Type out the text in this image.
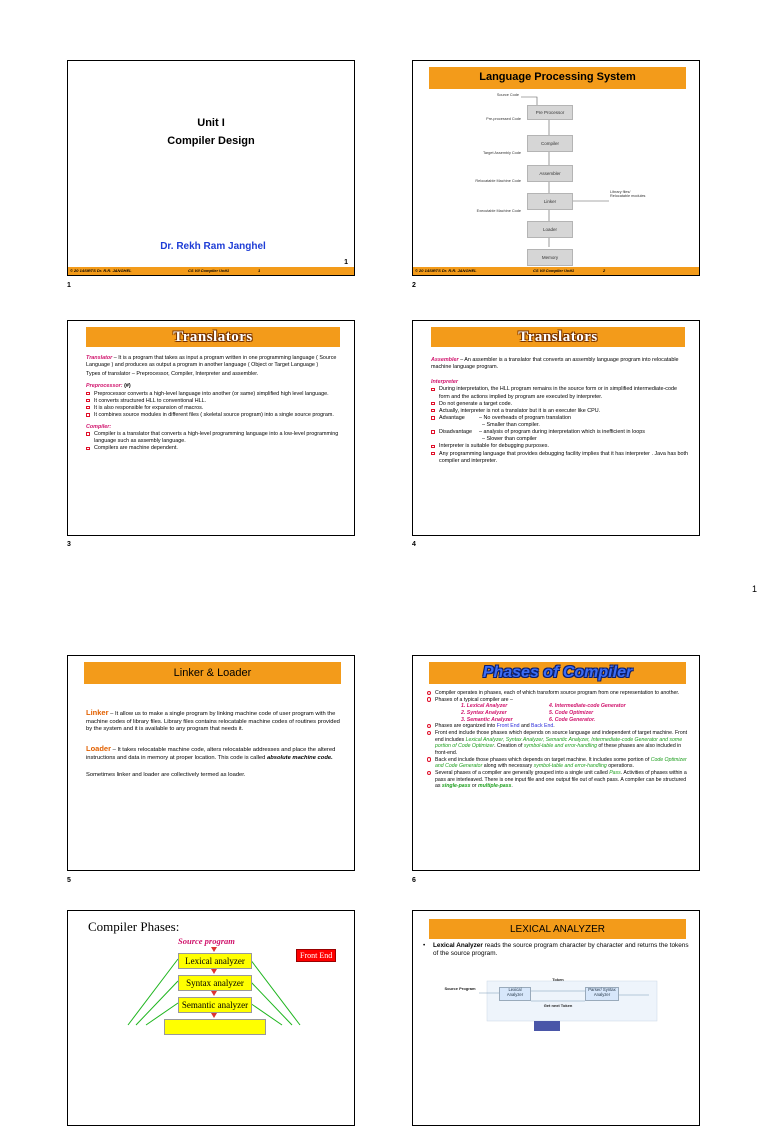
1
Unit I
Compiler Design
Dr. Rekh Ram Janghel
1
© 20 14SIRTS Dr. R.R. JANGHEL	CS VII Compiler Unit1	1
1
Language Processing System
Pre Processor
Compiler
Assembler
Linker
Loader
Memory
Source Code
Pre-processed Code
Target Assembly Code
Relocatable Machine Code
Executable Machine Code
Library files/ Relocatable modules
© 20 14SIRTS Dr. R.R. JANGHEL	CS VII Compiler Unit1	2
2
Translators

Translator – It is a program that takes as input a program written in one programming language ( Source Language ) and produces as output a program in another language ( Object or Target Language )

Types of translator – Preprocessor, Compiler, Interpreter and assembler.

Preprocessor: (#)
Preprocessor converts a high-level language into another (or same) simplified high level language.
It converts structured HLL to conventional HLL.
It is also responsible for expansion of macros.
It combines source modules in different files ( skeletal source program) into a single source program.
Compiler:
Compiler is a translator that converts a high-level programming language into a low-level programming language such as assembly language.
Compilers are machine dependent.
3
Translators

Assembler – An assembler is a translator that converts an assembly language program into relocatable machine language program.

Interpreter
During interpretation, the HLL program remains in the source form or in simplified intermediate-code form and the actions implied by program are executed by interpreter.
Do not generate a target code.
Actually, interpreter is not a translator but it is an executer like CPU.
Advantage	– No overheads of program translation
– Smaller than compiler.
Disadvantage	– analysis of program during interpretation which is inefficient in loops
– Slower than compiler
Interpreter is suitable for debugging purposes.
Any programming language that provides debugging facility implies that it has interpreter . Java has both compiler and interpreter.
4
Linker & Loader

Linker – It allow us to make a single program by linking machine code of user program with the machine codes of library files. Library files contains relocatable machine codes of routines provided by the system and it is available to any program that needs it.

Loader – It takes relocatable machine code, alters relocatable addresses and place the altered instructions and data in memory at proper location. This code is called absolute machine code.

Sometimes linker and loader are collectively termed as loader.

5
Phases of Compiler
Compiler operates in phases, each of which transform source program from one representation to another.
Phases of a typical compiler are –
1. Lexical Analyzer	4. Intermediate-code Generator
2. Syntax Analyzer	5. Code Optimizer
3. Semantic Analyzer	6. Code Generator.
Phases are organized into Front End and Back End.
Front end include those phases which depends on source language and independent of target machine. Front end includes Lexical Analyzer, Syntax Analyzer, Semantic Analyzer, Intermediate-code Generator and some portion of Code Optimizer. Creation of symbol-table and error-handling of these phases are also included in front-end.
Back end include those phases which depends on target machine. It includes some portion of Code Optimizer and Code Generator along with necessary symbol-table and error-handling operations.
Several phases of a compiler are generally grouped into a single unit called Pass. Activities of phases within a pass are interleaved. There is one input file and one output file out of each pass. A compiler can be structured as single-pass or multiple-pass.
6
Compiler Phases:
Source program
Front End
Lexical analyzer
Syntax analyzer
Semantic analyzer
LEXICAL ANALYZER
• Lexical Analyzer reads the source program character by character and returns the tokens of the source program.
Source Program	Lexical Analyzer
Token
Get next Token
Parser/ Syntax Analyzer
